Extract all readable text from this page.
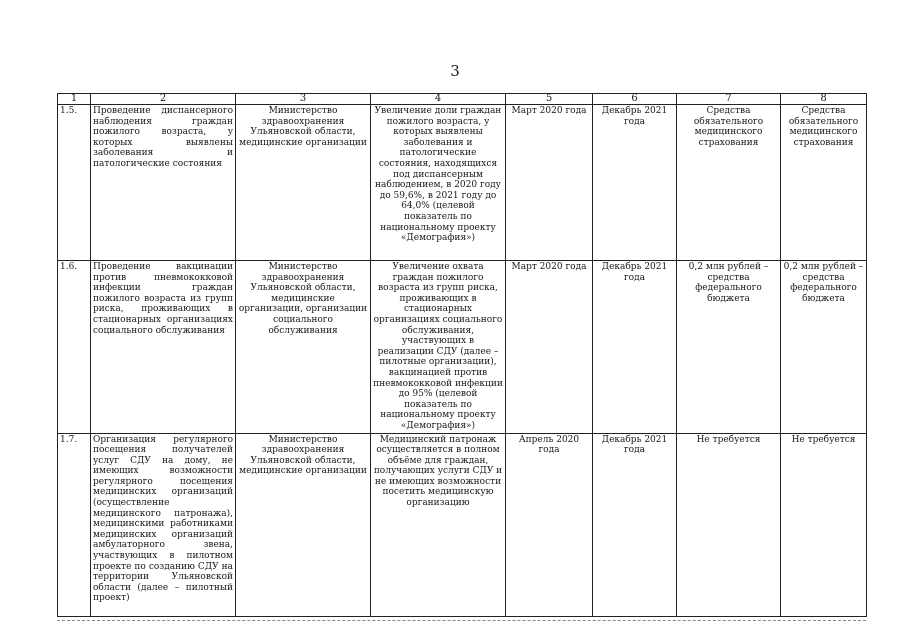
3
1	2	3	4	5	6	7	8
1.5.	Проведение диспансерного наблюдения граждан пожилого возраста, у которых выявлены заболевания и патологические состояния	Министерство здравоохранения Ульяновской области, медицинские организации	Увеличение доли граждан пожилого возраста, у которых выявлены заболевания и патологические состояния, находящихся под диспансерным наблюдением, в 2020 году до 59,6%, в 2021 году до 64,0% (целевой показатель по национальному проекту «Демография»)	Март 2020 года	Декабрь 2021 года	Средства обязательного медицинского страхования	Средства обязательного медицинского страхования
1.6.	Проведение вакцинации против пневмококковой инфекции граждан пожилого возраста из групп риска, проживающих в стационарных организациях социального обслуживания	Министерство здравоохранения Ульяновской области, медицинские организации, организации социального обслуживания	Увеличение охвата граждан пожилого возраста из групп риска, проживающих в стационарных организациях социального обслуживания, участвующих в реализации СДУ (далее – пилотные организации), вакцинацией против пневмококковой инфекции до 95% (целевой показатель по национальному проекту «Демография»)	Март 2020 года	Декабрь 2021 года	0,2 млн рублей – средства федерального бюджета	0,2 млн рублей – средства федерального бюджета
1.7.	Организация регулярного посещения получателей услуг СДУ на дому, не имеющих возможности регулярного посещения медицинских организаций (осуществление медицинского патронажа), медицинскими работниками медицинских организаций амбулаторного звена, участвующих в пилотном проекте по созданию СДУ на территории Ульяновской области (далее – пилотный проект)	Министерство здравоохранения Ульяновской области, медицинские организации	Медицинский патронаж осуществляется в полном объёме для граждан, получающих услуги СДУ и не имеющих возможности посетить медицинскую организацию	Апрель 2020 года	Декабрь 2021 года	Не требуется	Не требуется
